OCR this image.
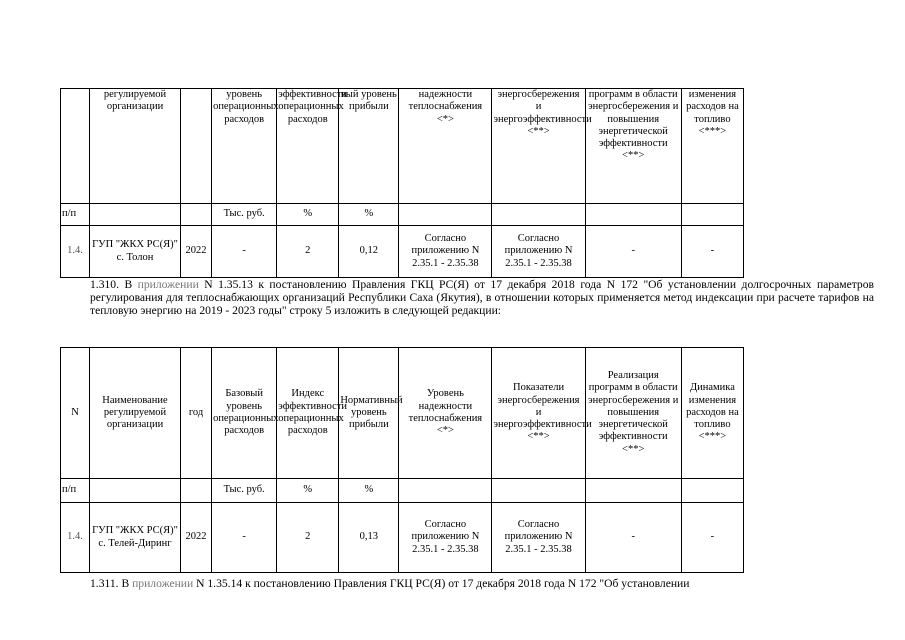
	регулируемой организации		уровень операционных расходов	эффективности операционных расходов	вый уровень прибыли	надежности теплоснабжения <*>	энергосбережения и энергоэффективности <**>	программ в области энергосбережения и повышения энергетической эффективности <**>	изменения расходов на топливо <***>
п/п			Тыс. руб.	%	%				
1.4.	ГУП "ЖКХ РС(Я)" с. Толон	2022	-	2	0,12	Согласно приложению N 2.35.1 - 2.35.38	Согласно приложению N 2.35.1 - 2.35.38	-	-
1.310. В приложении N 1.35.13 к постановлению Правления ГКЦ РС(Я) от 17 декабря 2018 года N 172 "Об установлении долгосрочных параметров регулирования для теплоснабжающих организаций Республики Саха (Якутия), в отношении которых применяется метод индексации при расчете тарифов на тепловую энергию на 2019 - 2023 годы" строку 5 изложить в следующей редакции:
N	Наименование регулируемой организации	год	Базовый уровень операционных расходов	Индекс эффективности операционных расходов	Нормативный уровень прибыли	Уровень надежности теплоснабжения <*>	Показатели энергосбережения и энергоэффективности <**>	Реализация программ в области энергосбережения и повышения энергетической эффективности <**>	Динамика изменения расходов на топливо <***>
п/п			Тыс. руб.	%	%				
1.4.	ГУП "ЖКХ РС(Я)" с. Телей-Диринг	2022	-	2	0,13	Согласно приложению N 2.35.1 - 2.35.38	Согласно приложению N 2.35.1 - 2.35.38	-	-
1.311. В приложении N 1.35.14 к постановлению Правления ГКЦ РС(Я) от 17 декабря 2018 года N 172 "Об установлении
